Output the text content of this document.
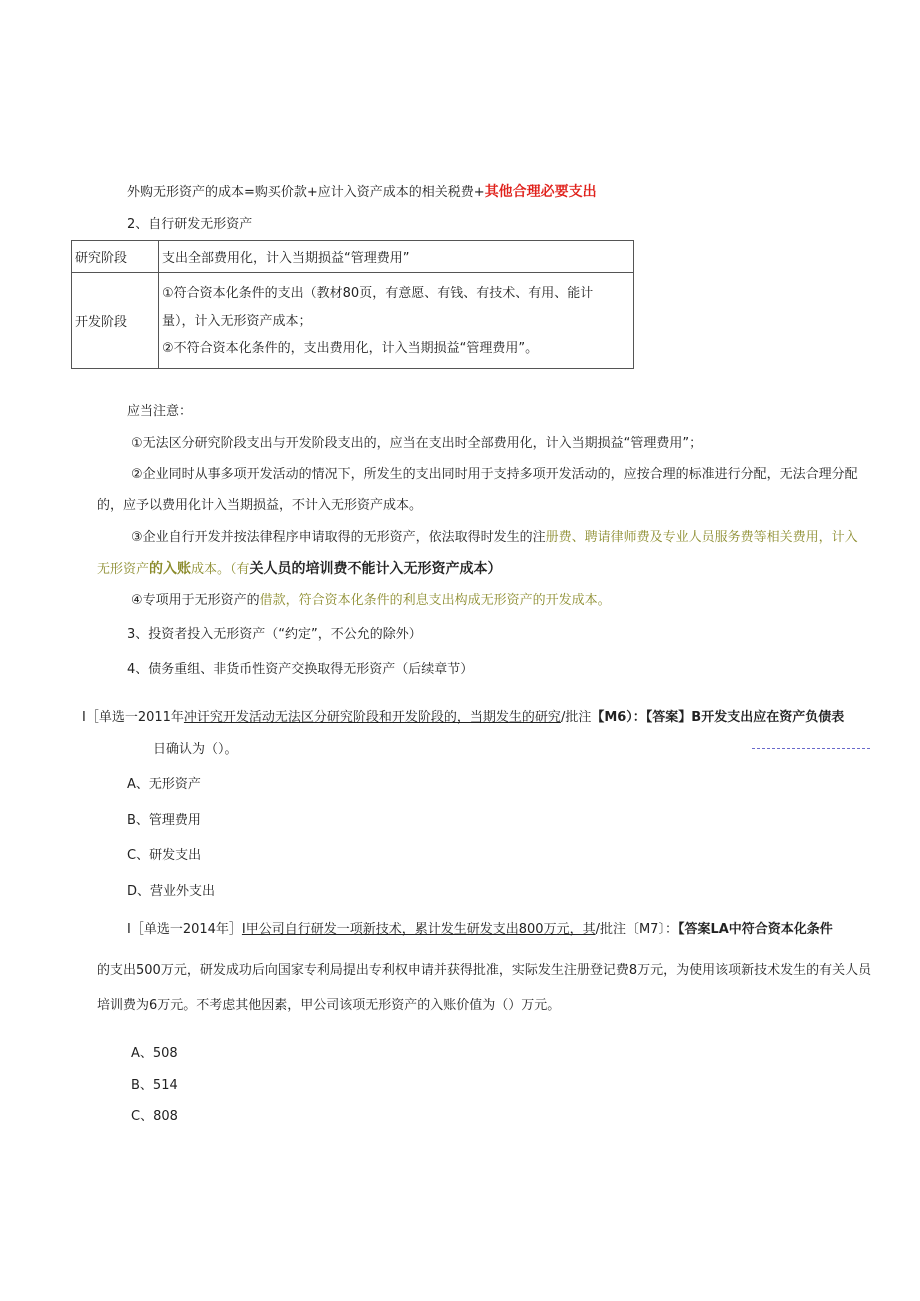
外购无形资产的成本=购买价款+应计入资产成本的相关税费+其他合理必要支出
2、自行研发无形资产
研究阶段	支出全部费用化，计入当期损益“管理费用”
开发阶段	①符合资本化条件的支出（教材80页，有意愿、有钱、有技术、有用、能计
量），计入无形资产成本；
②不符合资本化条件的，支出费用化，计入当期损益“管理费用”。
应当注意：
①无法区分研究阶段支出与开发阶段支出的，应当在支出时全部费用化，计入当期损益“管理费用”；
②企业同时从事多项开发活动的情况下，所发生的支出同时用于支持多项开发活动的，应按合理的标准进行分配，无法合理分配
的，应予以费用化计入当期损益，不计入无形资产成本。
③企业自行开发并按法律程序申请取得的无形资产，依法取得时发生的注册费、聘请律师费及专业人员服务费等相关费用，计入
无形资产的入账成本。（有关人员的培训费不能计入无形资产成本）
④专项用于无形资产的借款，符合资本化条件的利息支出构成无形资产的开发成本。
3、投资者投入无形资产（“约定”，不公允的除外）
4、债务重组、非货币性资产交换取得无形资产（后续章节）
I［单选一2011年冲讦究开发活动无法区分研究阶段和开发阶段的，当期发生的研究/批注【M6）：【答案】B开发支出应在资产负债表
日确认为（）。
A、无形资产
B、管理费用
C、研发支出
D、营业外支出
I［单选一2014年］I甲公司自行研发一项新技术，累计发生研发支出800万元，其/批注〔M7〕：【答案LA中符合资本化条件
的支出500万元，研发成功后向国家专利局提出专利权申请并获得批准，实际发生注册登记费8万元，为使用该项新技术发生的有关人员
培训费为6万元。不考虑其他因素，甲公司该项无形资产的入账价值为（）万元。
A、508
B、514
C、808
